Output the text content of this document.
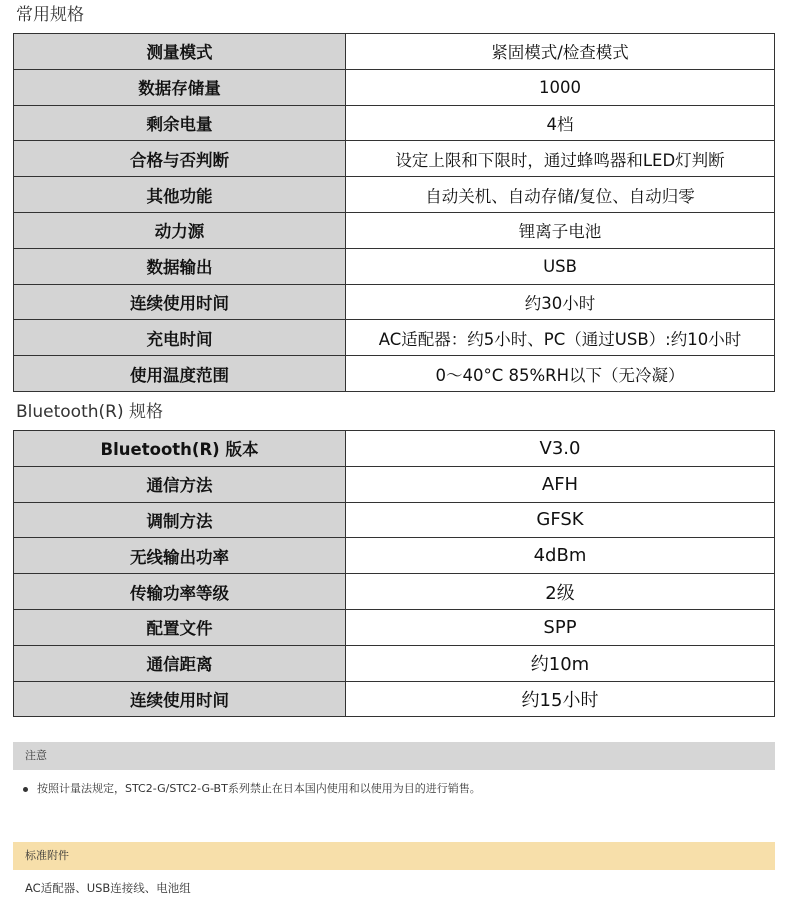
常用规格
测量模式	紧固模式/检查模式
数据存储量	1000
剩余电量	4档
合格与否判断	设定上限和下限时，通过蜂鸣器和LED灯判断
其他功能	自动关机、自动存储/复位、自动归零
动力源	锂离子电池
数据输出	USB
连续使用时间	约30小时
充电时间	AC适配器：约5小时、PC（通过USB）:约10小时
使用温度范围	0～40°C 85%RH以下（无冷凝）
Bluetooth(R) 规格
Bluetooth(R) 版本	V3.0
通信方法	AFH
调制方法	GFSK
无线输出功率	4dBm
传输功率等级	2级
配置文件	SPP
通信距离	约10m
连续使用时间	约15小时
注意
按照计量法规定，STC2-G/STC2-G-BT系列禁止在日本国内使用和以使用为目的进行销售。
标准附件
AC适配器、USB连接线、电池组
